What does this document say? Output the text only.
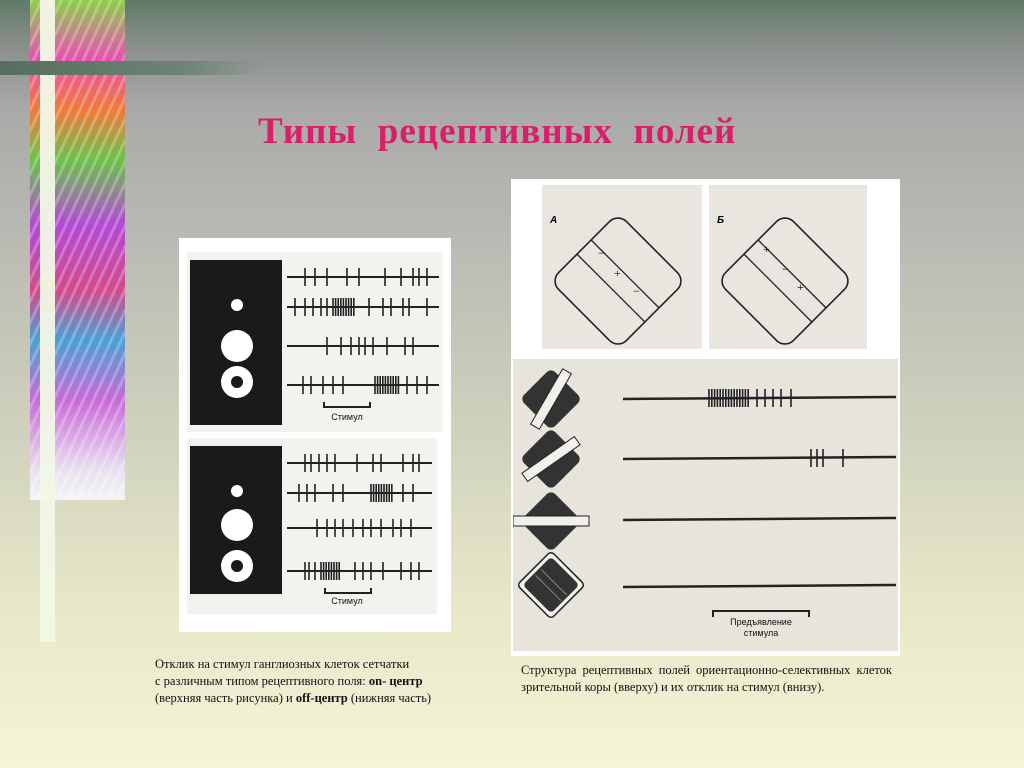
Типы  рецептивных  полей
Стимул
Стимул
Отклик на стимул ганглиозных клеток сетчатки
с различным типом рецептивного поля: on- центр
(верхняя часть рисунка) и off-центр (нижняя часть)
А
−
+
−
Б
+
−
+
Предъявление
стимула
Структура рецептивных полей ориентационно-селективных клеток зрительной коры (вверху) и их отклик на стимул (внизу).
